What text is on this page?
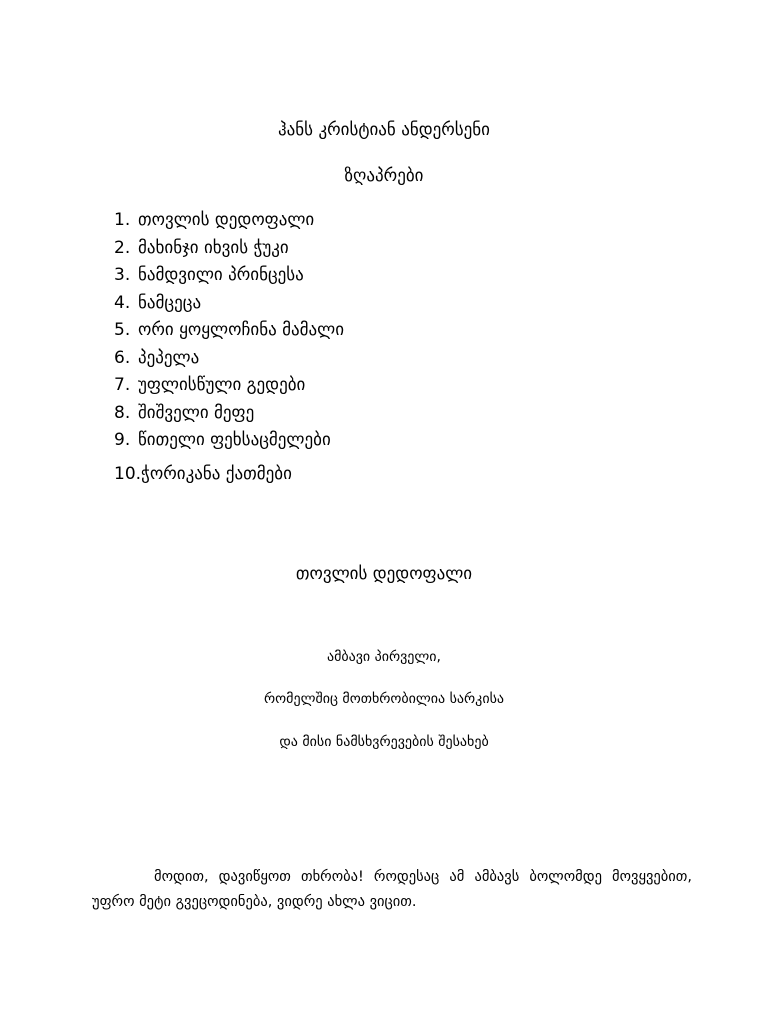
ჰანს კრისტიან ანდერსენი
ზღაპრები
1. თოვლის დედოფალი
2. მახინჯი იხვის ჭუკი
3. ნამდვილი პრინცესა
4. ნამცეცა
5. ორი ყოყლოჩინა მამალი
6. პეპელა
7. უფლისწული გედები
8. შიშველი მეფე
9. წითელი ფეხსაცმელები
10.ჭორიკანა ქათმები
თოვლის დედოფალი
ამბავი პირველი,
რომელშიც მოთხრობილია სარკისა
და მისი ნამსხვრევების შესახებ

მოდით, დავიწყოთ თხრობა! როდესაც ამ ამბავს ბოლომდე მოვყვებით, უფრო მეტი გვეცოდინება, ვიდრე ახლა ვიცით.
